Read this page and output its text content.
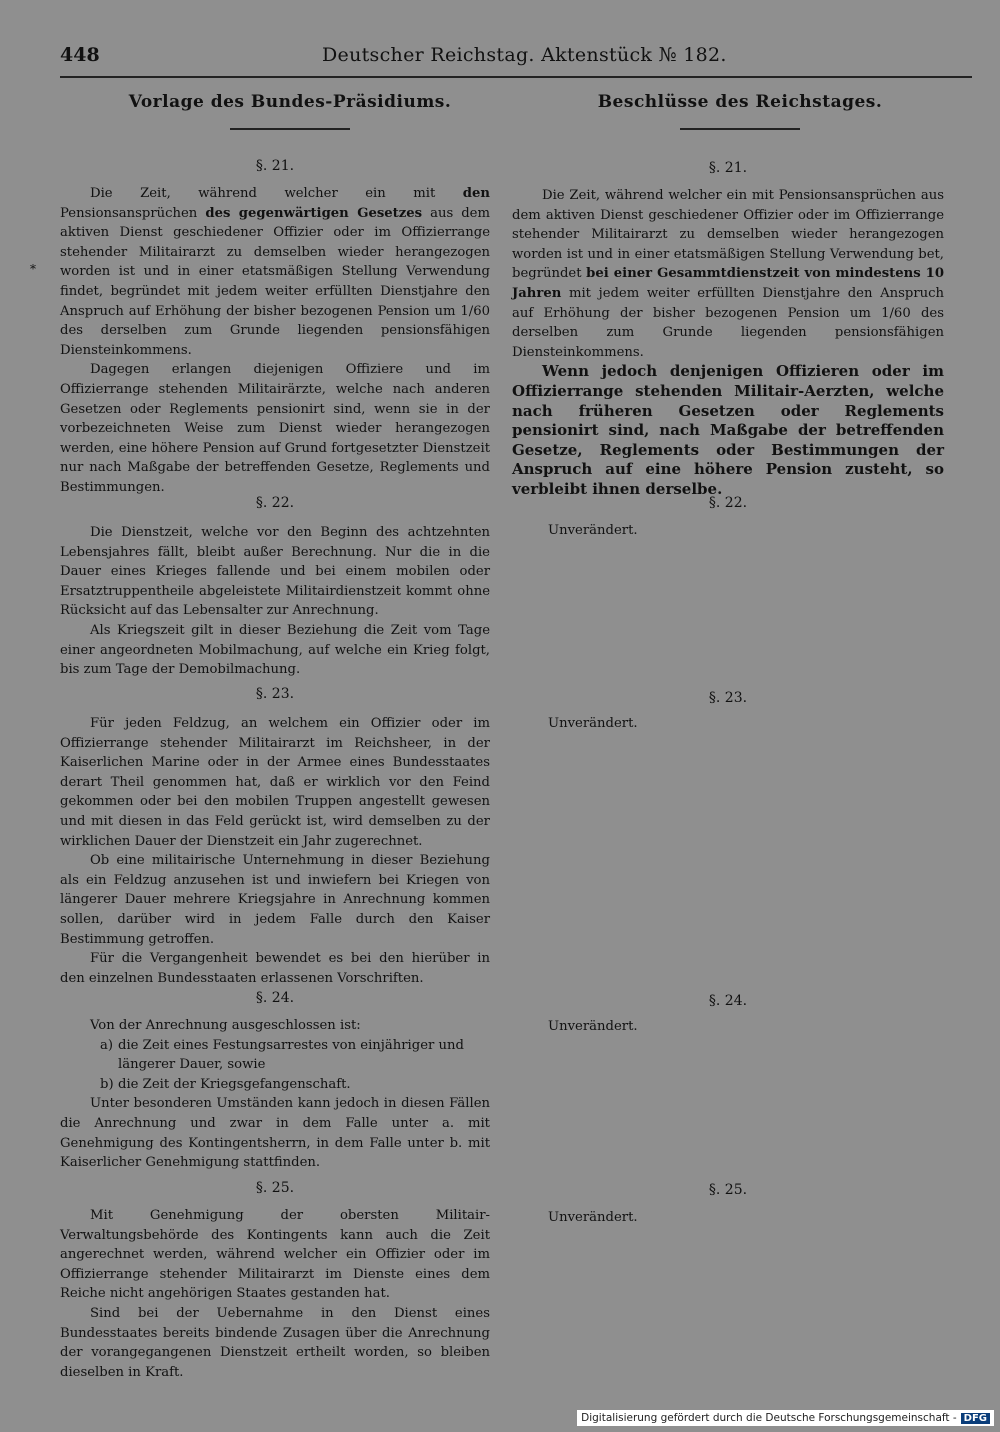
448	Deutscher Reichstag. Aktenstück № 182.
Vorlage des Bundes-Präsidiums.	Beschlüsse des Reichstages.
*
§. 21.

Die Zeit, während welcher ein mit den Pensionsansprüchen des gegenwärtigen Gesetzes aus dem aktiven Dienst geschiedener Offizier oder im Offizierrange stehender Militairarzt zu demselben wieder herangezogen worden ist und in einer etatsmäßigen Stellung Verwendung findet, begründet mit jedem weiter erfüllten Dienstjahre den Anspruch auf Erhöhung der bisher bezogenen Pension um 1/60 des derselben zum Grunde liegenden pensionsfähigen Diensteinkommens.

Dagegen erlangen diejenigen Offiziere und im Offizierrange stehenden Militairärzte, welche nach anderen Gesetzen oder Reglements pensionirt sind, wenn sie in der vorbezeichneten Weise zum Dienst wieder herangezogen werden, eine höhere Pension auf Grund fortgesetzter Dienstzeit nur nach Maßgabe der betreffenden Gesetze, Reglements und Bestimmungen.

§. 22.

Die Dienstzeit, welche vor den Beginn des achtzehnten Lebensjahres fällt, bleibt außer Berechnung. Nur die in die Dauer eines Krieges fallende und bei einem mobilen oder Ersatztruppentheile abgeleistete Militairdienstzeit kommt ohne Rücksicht auf das Lebensalter zur Anrechnung.

Als Kriegszeit gilt in dieser Beziehung die Zeit vom Tage einer angeordneten Mobilmachung, auf welche ein Krieg folgt, bis zum Tage der Demobilmachung.

§. 23.

Für jeden Feldzug, an welchem ein Offizier oder im Offizierrange stehender Militairarzt im Reichsheer, in der Kaiserlichen Marine oder in der Armee eines Bundesstaates derart Theil genommen hat, daß er wirklich vor den Feind gekommen oder bei den mobilen Truppen angestellt gewesen und mit diesen in das Feld gerückt ist, wird demselben zu der wirklichen Dauer der Dienstzeit ein Jahr zugerechnet.

Ob eine militairische Unternehmung in dieser Beziehung als ein Feldzug anzusehen ist und inwiefern bei Kriegen von längerer Dauer mehrere Kriegsjahre in Anrechnung kommen sollen, darüber wird in jedem Falle durch den Kaiser Bestimmung getroffen.

Für die Vergangenheit bewendet es bei den hierüber in den einzelnen Bundesstaaten erlassenen Vorschriften.

§. 24.

Von der Anrechnung ausgeschlossen ist:

a) die Zeit eines Festungsarrestes von einjähriger und längerer Dauer, sowie
b) die Zeit der Kriegsgefangenschaft.

Unter besonderen Umständen kann jedoch in diesen Fällen die Anrechnung und zwar in dem Falle unter a. mit Genehmigung des Kontingentsherrn, in dem Falle unter b. mit Kaiserlicher Genehmigung stattfinden.

§. 25.

Mit Genehmigung der obersten Militair-Verwaltungsbehörde des Kontingents kann auch die Zeit angerechnet werden, während welcher ein Offizier oder im Offizierrange stehender Militairarzt im Dienste eines dem Reiche nicht angehörigen Staates gestanden hat.

Sind bei der Uebernahme in den Dienst eines Bundesstaates bereits bindende Zusagen über die Anrechnung der vorangegangenen Dienstzeit ertheilt worden, so bleiben dieselben in Kraft.

§. 21.

Die Zeit, während welcher ein mit Pensionsansprüchen aus dem aktiven Dienst geschiedener Offizier oder im Offizierrange stehender Militairarzt zu demselben wieder herangezogen worden ist und in einer etatsmäßigen Stellung Verwendung bet, begründet bei einer Gesammtdienstzeit von mindestens 10 Jahren mit jedem weiter erfüllten Dienstjahre den Anspruch auf Erhöhung der bisher bezogenen Pension um 1/60 des derselben zum Grunde liegenden pensionsfähigen Diensteinkommens.

Wenn jedoch denjenigen Offizieren oder im Offizierrange stehenden Militair-Aerzten, welche nach früheren Gesetzen oder Reglements pensionirt sind, nach Maßgabe der betreffenden Gesetze, Reglements oder Bestimmungen der Anspruch auf eine höhere Pension zusteht, so verbleibt ihnen derselbe.

§. 22.
Unverändert.
§. 23.
Unverändert.
§. 24.
Unverändert.
§. 25.
Unverändert.
Digitalisierung gefördert durch die Deutsche Forschungsgemeinschaft - DFG
